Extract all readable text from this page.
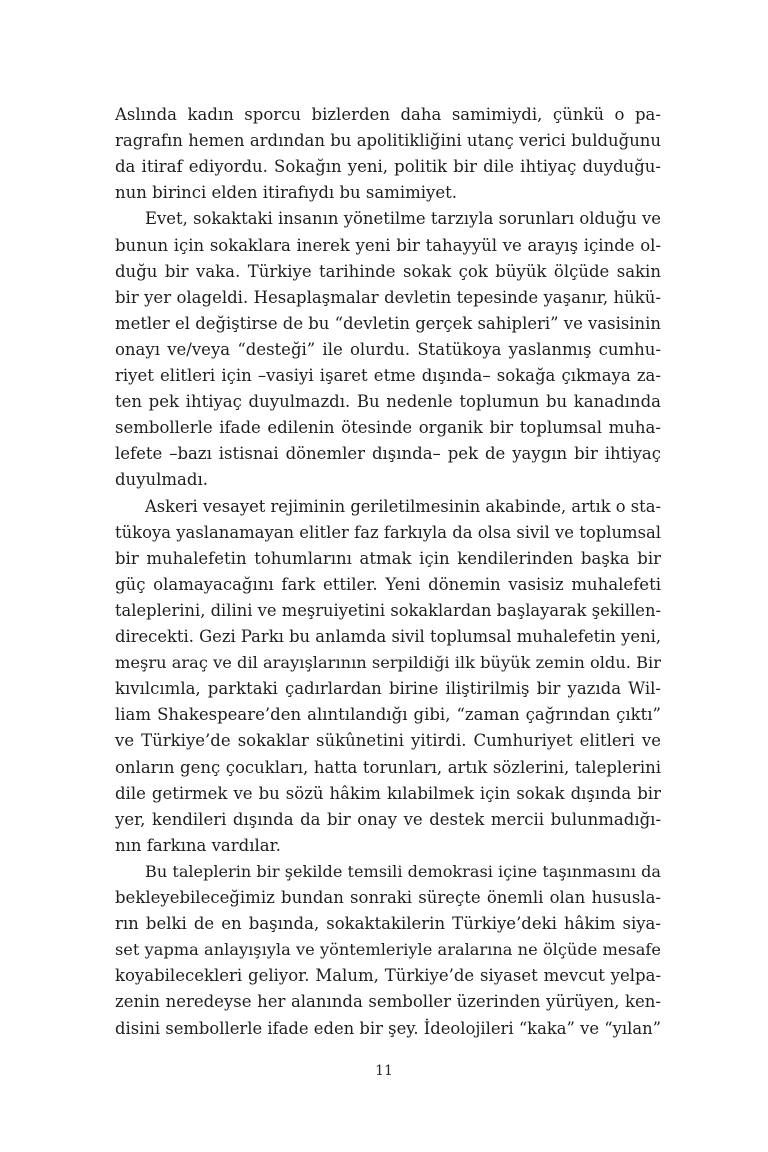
Aslında kadın sporcu bizlerden daha samimiydi, çünkü o pa-
ragrafın hemen ardından bu apolitikliğini utanç verici bulduğunu
da itiraf ediyordu. Sokağın yeni, politik bir dile ihtiyaç duyduğu-
nun birinci elden itirafıydı bu samimiyet.
Evet, sokaktaki insanın yönetilme tarzıyla sorunları olduğu ve
bunun için sokaklara inerek yeni bir tahayyül ve arayış içinde ol-
duğu bir vaka. Türkiye tarihinde sokak çok büyük ölçüde sakin
bir yer olageldi. Hesaplaşmalar devletin tepesinde yaşanır, hükü-
metler el değiştirse de bu “devletin gerçek sahipleri” ve vasisinin
onayı ve/veya “desteği” ile olurdu. Statükoya yaslanmış cumhu-
riyet elitleri için –vasiyi işaret etme dışında– sokağa çıkmaya za-
ten pek ihtiyaç duyulmazdı. Bu nedenle toplumun bu kanadında
sembollerle ifade edilenin ötesinde organik bir toplumsal muha-
lefete –bazı istisnai dönemler dışında– pek de yaygın bir ihtiyaç
duyulmadı.
Askeri vesayet rejiminin geriletilmesinin akabinde, artık o sta-
tükoya yaslanamayan elitler faz farkıyla da olsa sivil ve toplumsal
bir muhalefetin tohumlarını atmak için kendilerinden başka bir
güç olamayacağını fark ettiler. Yeni dönemin vasisiz muhalefeti
taleplerini, dilini ve meşruiyetini sokaklardan başlayarak şekillen-
direcekti. Gezi Parkı bu anlamda sivil toplumsal muhalefetin yeni,
meşru araç ve dil arayışlarının serpildiği ilk büyük zemin oldu. Bir
kıvılcımla, parktaki çadırlardan birine iliştirilmiş bir yazıda Wil-
liam Shakespeare’den alıntılandığı gibi, “zaman çağrından çıktı”
ve Türkiye’de sokaklar sükûnetini yitirdi. Cumhuriyet elitleri ve
onların genç çocukları, hatta torunları, artık sözlerini, taleplerini
dile getirmek ve bu sözü hâkim kılabilmek için sokak dışında bir
yer, kendileri dışında da bir onay ve destek mercii bulunmadığı-
nın farkına vardılar.
Bu taleplerin bir şekilde temsili demokrasi içine taşınmasını da
bekleyebileceğimiz bundan sonraki süreçte önemli olan hususla-
rın belki de en başında, sokaktakilerin Türkiye’deki hâkim siya-
set yapma anlayışıyla ve yöntemleriyle aralarına ne ölçüde mesafe
koyabilecekleri geliyor. Malum, Türkiye’de siyaset mevcut yelpa-
zenin neredeyse her alanında semboller üzerinden yürüyen, ken-
disini sembollerle ifade eden bir şey. İdeolojileri “kaka” ve “yılan”
11
